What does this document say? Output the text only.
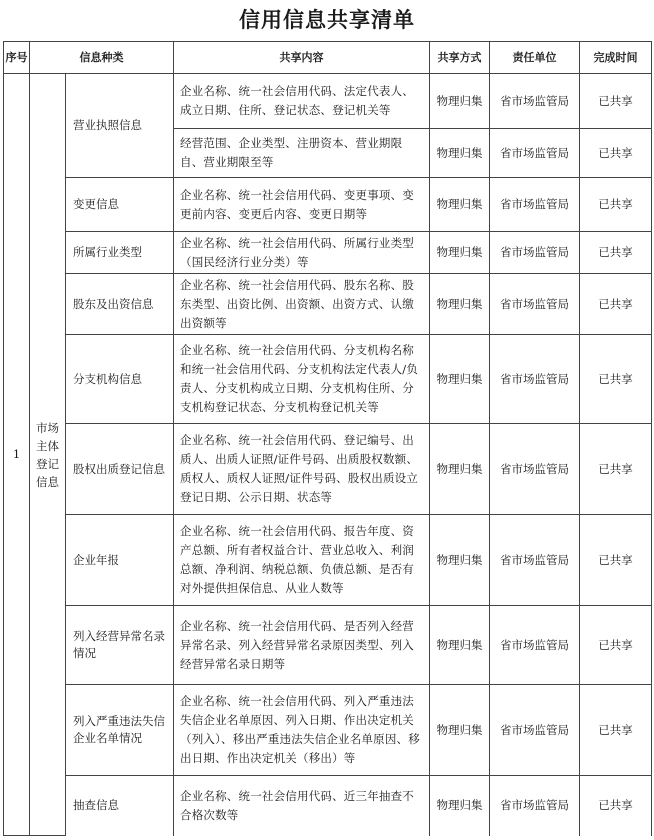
信用信息共享清单
序号	信息种类		共享内容	共享方式	责任单位	完成时间
1	市场主体登记信息	营业执照信息	企业名称、统一社会信用代码、法定代表人、成立日期、住所、登记状态、登记机关等	物理归集	省市场监管局	已共享
			经营范围、企业类型、注册资本、营业期限自、营业期限至等	物理归集	省市场监管局	已共享
		变更信息	企业名称、统一社会信用代码、变更事项、变更前内容、变更后内容、变更日期等	物理归集	省市场监管局	已共享
		所属行业类型	企业名称、统一社会信用代码、所属行业类型（国民经济行业分类）等	物理归集	省市场监管局	已共享
		股东及出资信息	企业名称、统一社会信用代码、股东名称、股东类型、出资比例、出资额、出资方式、认缴出资额等	物理归集	省市场监管局	已共享
		分支机构信息	企业名称、统一社会信用代码、分支机构名称和统一社会信用代码、分支机构法定代表人/负责人、分支机构成立日期、分支机构住所、分支机构登记状态、分支机构登记机关等	物理归集	省市场监管局	已共享
		股权出质登记信息	企业名称、统一社会信用代码、登记编号、出质人、出质人证照/证件号码、出质股权数额、质权人、质权人证照/证件号码、股权出质设立登记日期、公示日期、状态等	物理归集	省市场监管局	已共享
		企业年报	企业名称、统一社会信用代码、报告年度、资产总额、所有者权益合计、营业总收入、利润总额、净利润、纳税总额、负债总额、是否有对外提供担保信息、从业人数等	物理归集	省市场监管局	已共享
		列入经营异常名录情况	企业名称、统一社会信用代码、是否列入经营异常名录、列入经营异常名录原因类型、列入经营异常名录日期等	物理归集	省市场监管局	已共享
		列入严重违法失信企业名单情况	企业名称、统一社会信用代码、列入严重违法失信企业名单原因、列入日期、作出决定机关（列入）、移出严重违法失信企业名单原因、移出日期、作出决定机关（移出）等	物理归集	省市场监管局	已共享
		抽查信息	企业名称、统一社会信用代码、近三年抽查不合格次数等	物理归集	省市场监管局	已共享
